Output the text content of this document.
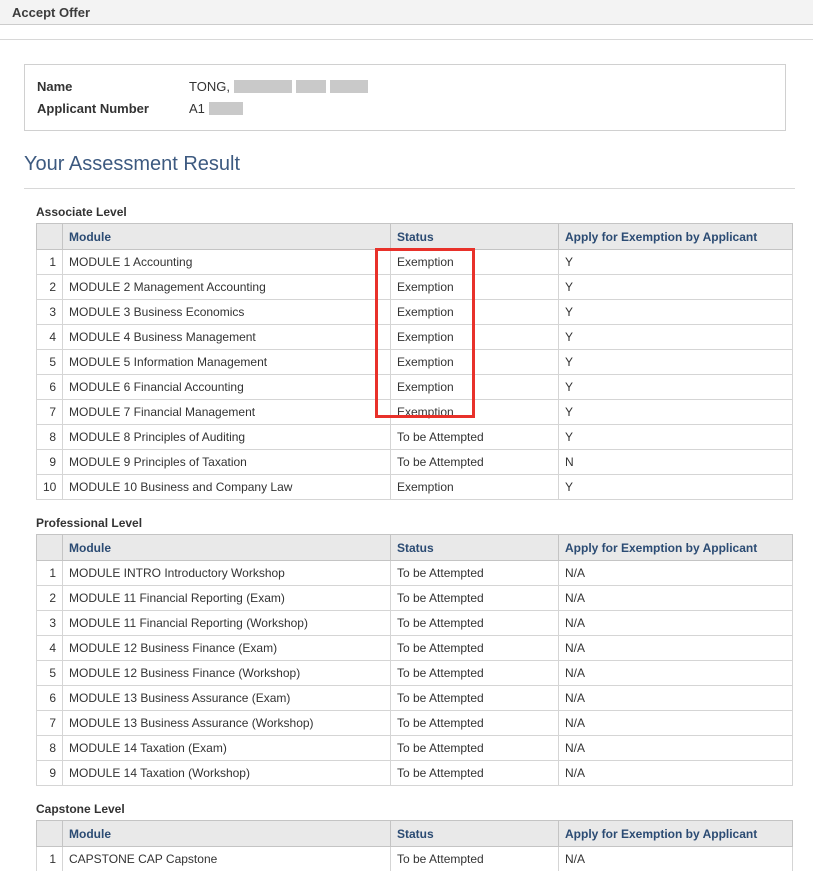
Accept Offer
Name	TONG,
Applicant Number	A1
Your Assessment Result
Associate Level
	Module	Status	Apply for Exemption by Applicant
1	MODULE 1 Accounting	Exemption	Y
2	MODULE 2 Management Accounting	Exemption	Y
3	MODULE 3 Business Economics	Exemption	Y
4	MODULE 4 Business Management	Exemption	Y
5	MODULE 5 Information Management	Exemption	Y
6	MODULE 6 Financial Accounting	Exemption	Y
7	MODULE 7 Financial Management	Exemption	Y
8	MODULE 8 Principles of Auditing	To be Attempted	Y
9	MODULE 9 Principles of Taxation	To be Attempted	N
10	MODULE 10 Business and Company Law	Exemption	Y
Professional Level
	Module	Status	Apply for Exemption by Applicant
1	MODULE INTRO Introductory Workshop	To be Attempted	N/A
2	MODULE 11 Financial Reporting (Exam)	To be Attempted	N/A
3	MODULE 11 Financial Reporting (Workshop)	To be Attempted	N/A
4	MODULE 12 Business Finance (Exam)	To be Attempted	N/A
5	MODULE 12 Business Finance (Workshop)	To be Attempted	N/A
6	MODULE 13 Business Assurance (Exam)	To be Attempted	N/A
7	MODULE 13 Business Assurance (Workshop)	To be Attempted	N/A
8	MODULE 14 Taxation (Exam)	To be Attempted	N/A
9	MODULE 14 Taxation (Workshop)	To be Attempted	N/A
Capstone Level
	Module	Status	Apply for Exemption by Applicant
1	CAPSTONE CAP Capstone	To be Attempted	N/A
